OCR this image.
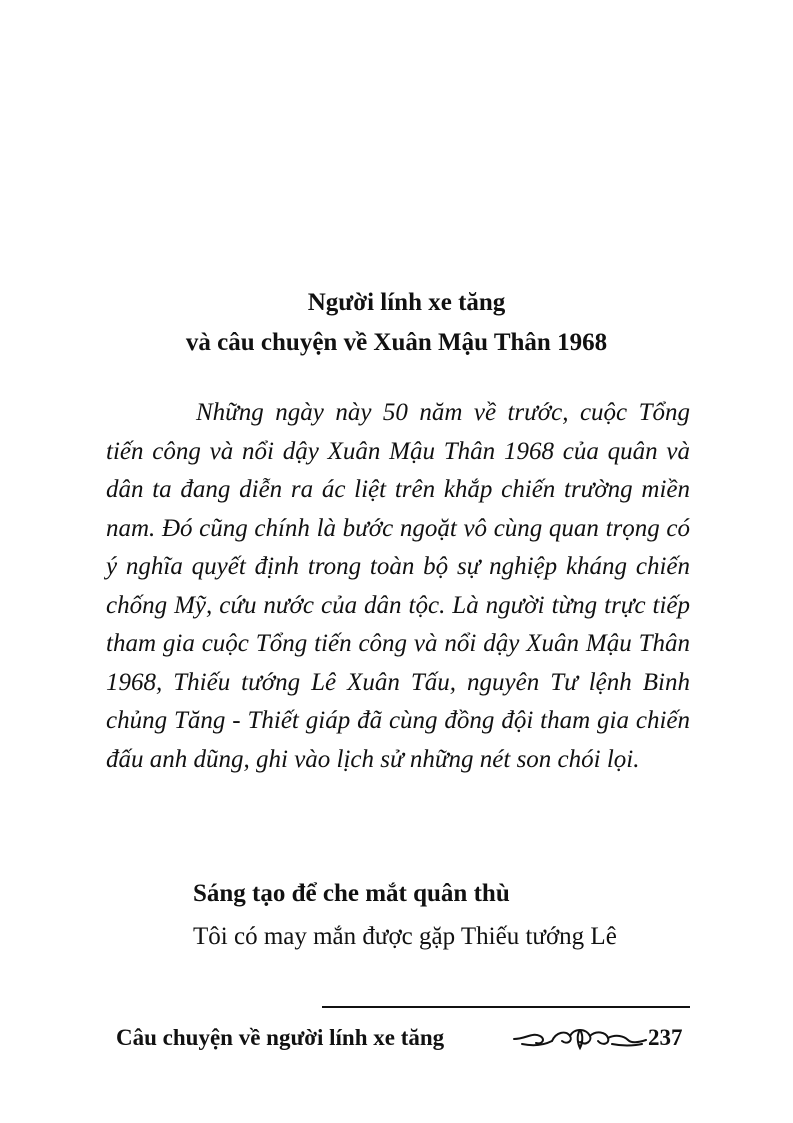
Người lính xe tăng
và câu chuyện về Xuân Mậu Thân 1968

Những ngày này 50 năm về trước, cuộc Tổng tiến công và nổi dậy Xuân Mậu Thân 1968 của quân và dân ta đang diễn ra ác liệt trên khắp chiến trường miền nam. Đó cũng chính là bước ngoặt vô cùng quan trọng có ý nghĩa quyết định trong toàn bộ sự nghiệp kháng chiến chống Mỹ, cứu nước của dân tộc. Là người từng trực tiếp tham gia cuộc Tổng tiến công và nổi dậy Xuân Mậu Thân 1968, Thiếu tướng Lê Xuân Tấu, nguyên Tư lệnh Binh chủng Tăng - Thiết giáp đã cùng đồng đội tham gia chiến đấu anh dũng, ghi vào lịch sử những nét son chói lọi.

Sáng tạo để che mắt quân thù

Tôi có may mắn được gặp Thiếu tướng Lê

Câu chuyện về người lính xe tăng	237
